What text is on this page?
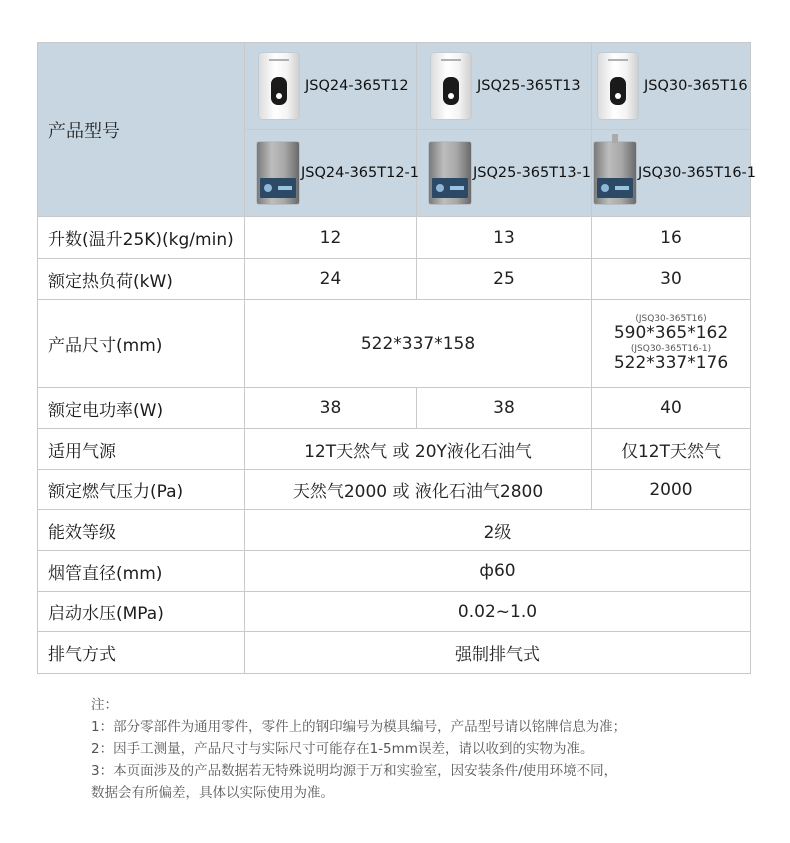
产品型号	JSQ24-365T12	JSQ25-365T13	JSQ30-365T16

	JSQ24-365T12-1	JSQ25-365T13-1	JSQ30-365T16-1

升数(温升25K)(kg/min)	12	13	16
额定热负荷(kW)	24	25	30
产品尺寸(mm)	522*337*158		(JSQ30-365T16)
590*365*162
(JSQ30-365T16-1)
522*337*176

额定电功率(W)	38	38	40
适用气源	12T天然气 或 20Y液化石油气		仅12T天然气
额定燃气压力(Pa)	天然气2000 或 液化石油气2800		2000
能效等级	2级		
烟管直径(mm)	ф60		
启动水压(MPa)	0.02~1.0		
排气方式	强制排气式		
注：
1：部分零部件为通用零件，零件上的钢印编号为模具编号，产品型号请以铭牌信息为准；
2：因手工测量，产品尺寸与实际尺寸可能存在1-5mm误差，请以收到的实物为准。
3：本页面涉及的产品数据若无特殊说明均源于万和实验室，因安装条件/使用环境不同，
数据会有所偏差，具体以实际使用为准。
